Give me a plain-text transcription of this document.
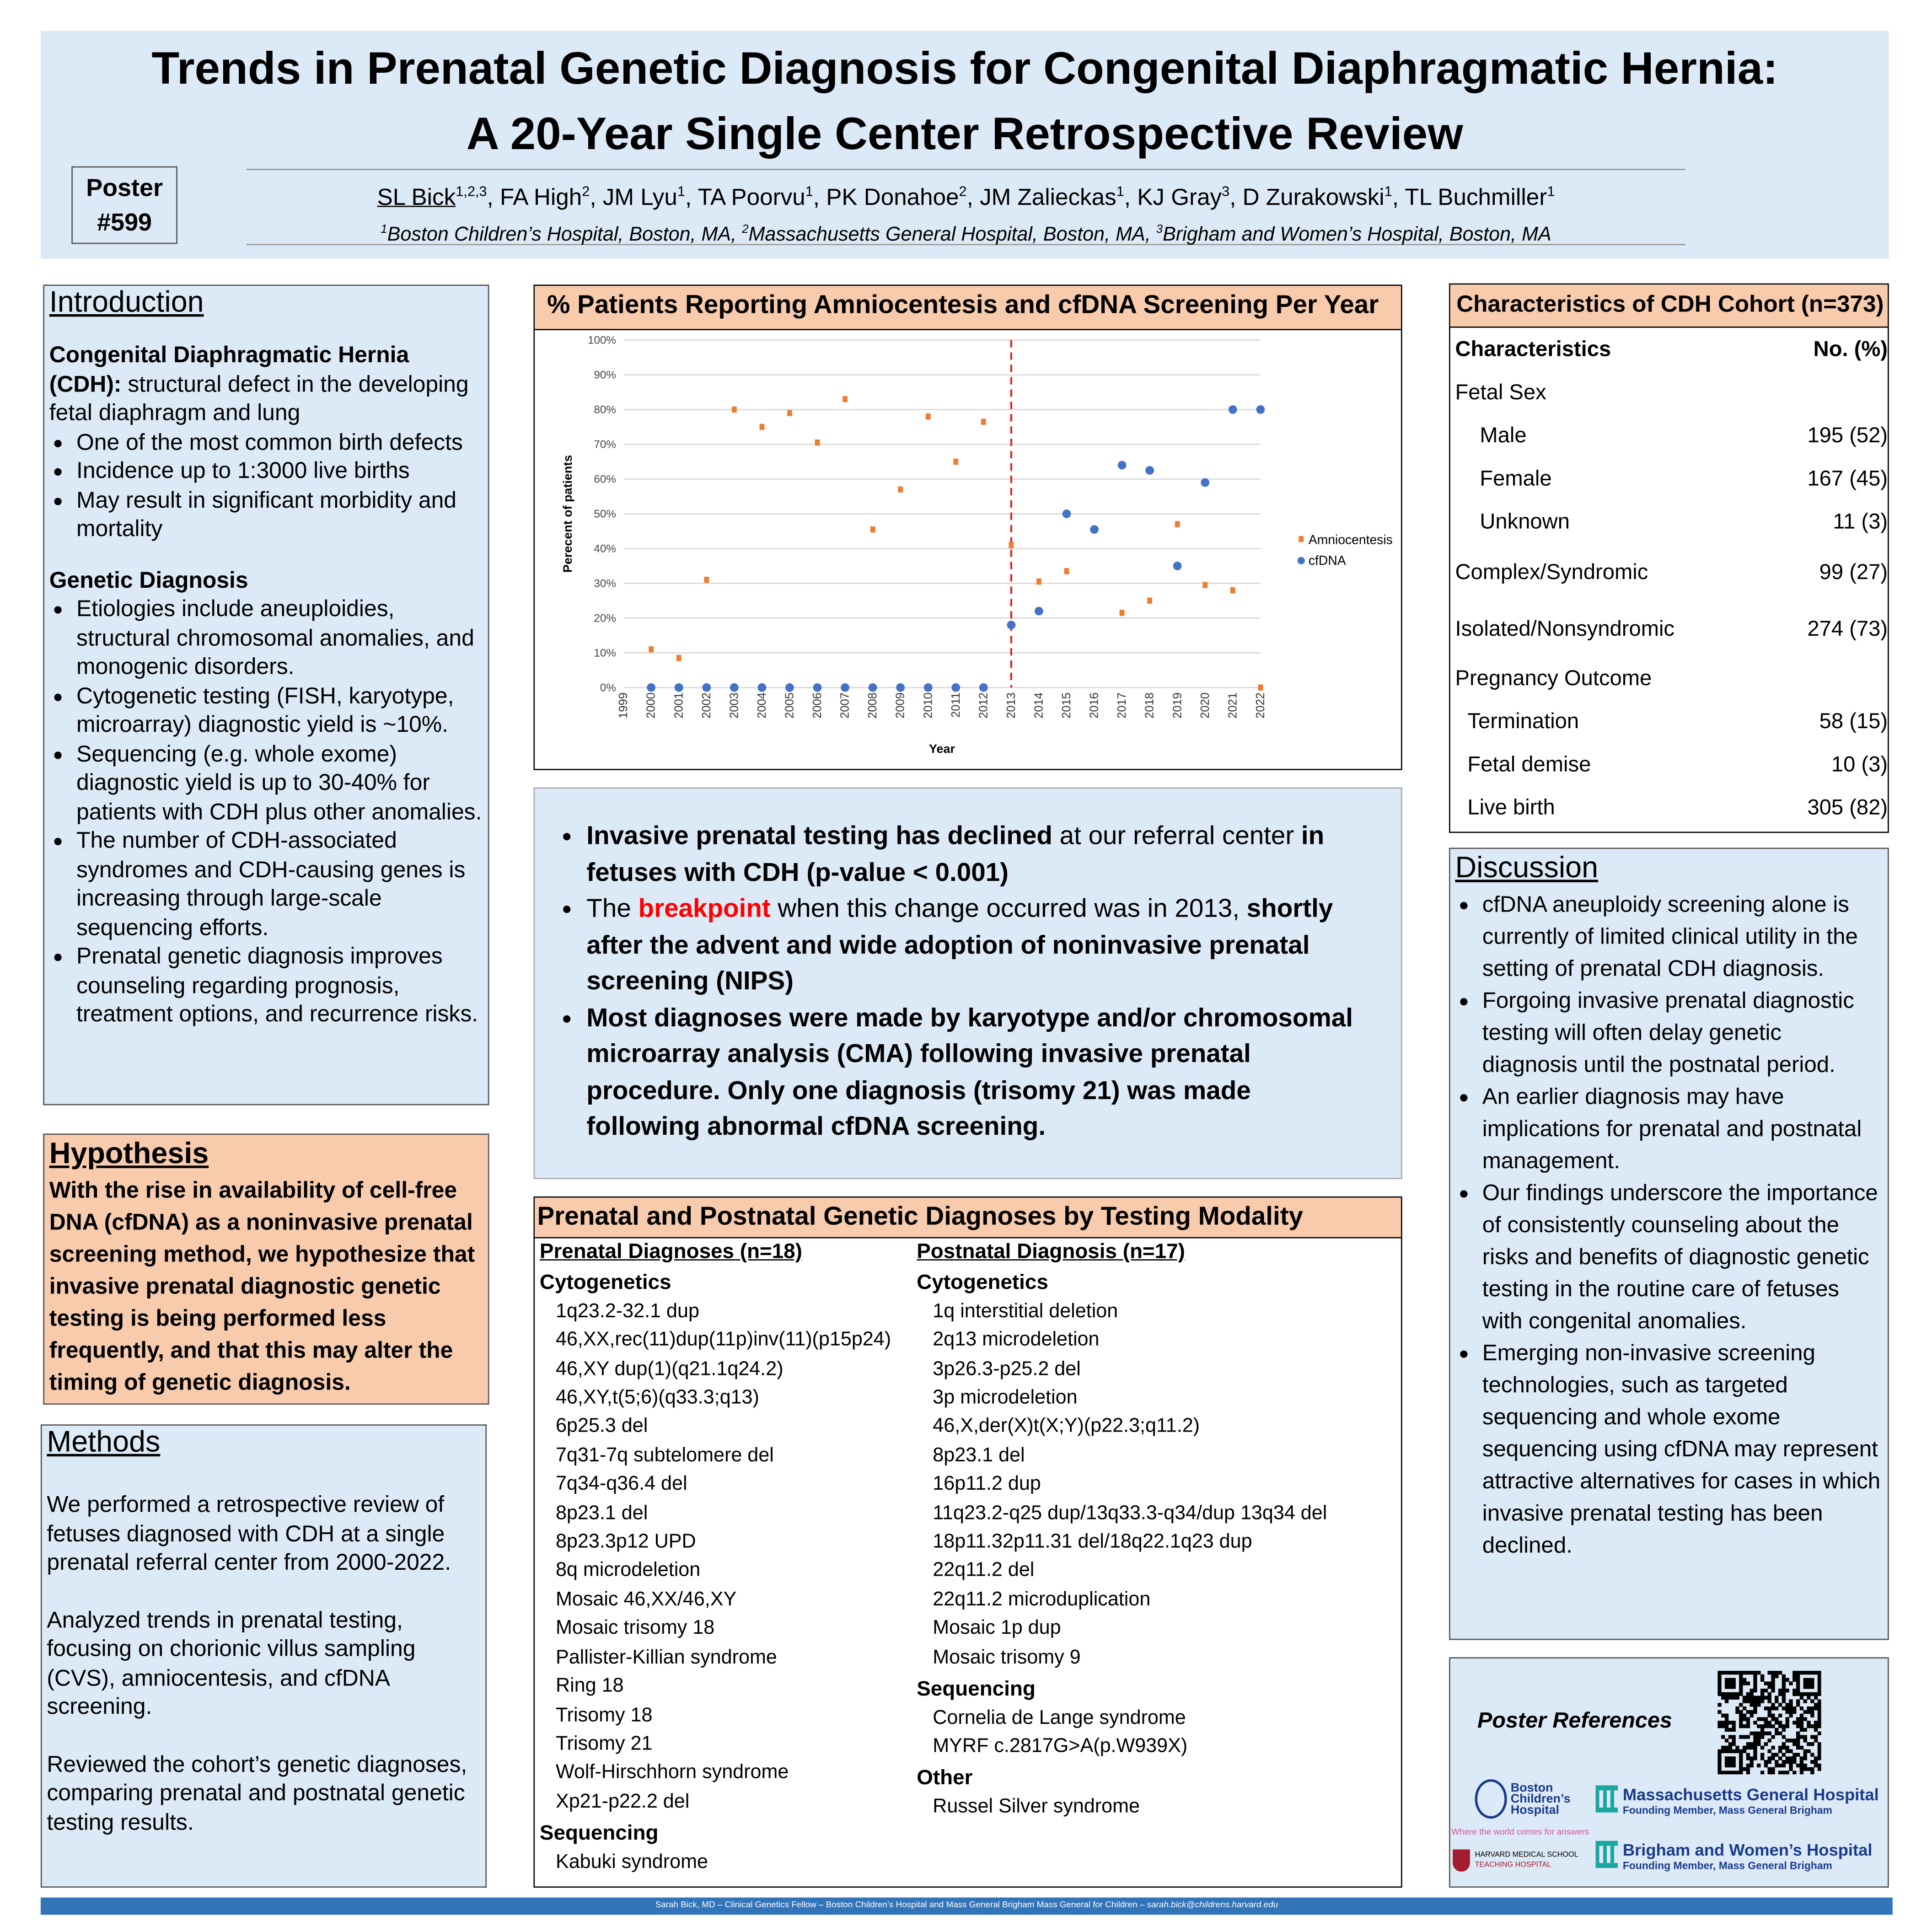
Trends in Prenatal Genetic Diagnosis for Congenital Diaphragmatic Hernia:
A 20-Year Single Center Retrospective Review
Poster
#599
SL Bick$^{1,2,3}$, FA High$^2$, JM Lyu$^1$, TA Poorvu$^1$, PK Donahoe$^2$, JM Zalieckas$^1$, KJ Gray$^3$, D Zurakowski$^1$, TL Buchmiller$^1$
$^1$Boston Children’s Hospital, Boston, MA, $^2$Massachusetts General Hospital, Boston, MA, $^3$Brigham and Women’s Hospital, Boston, MA
Introduction
Congenital Diaphragmatic Hernia (CDH): structural defect in the developing fetal diaphragm and lung
• One of the most common birth defects
• Incidence up to 1:3000 live births
• May result in significant morbidity and mortality
Genetic Diagnosis
• Etiologies include aneuploidies, structural chromosomal anomalies, and monogenic disorders.
• Cytogenetic testing (FISH, karyotype, microarray) diagnostic yield is ~10%.
• Sequencing (e.g. whole exome) diagnostic yield is up to 30-40% for patients with CDH plus other anomalies.
• The number of CDH-associated syndromes and CDH-causing genes is increasing through large-scale sequencing efforts.
• Prenatal genetic diagnosis improves counseling regarding prognosis, treatment options, and recurrence risks.
Hypothesis
With the rise in availability of cell-free DNA (cfDNA) as a noninvasive prenatal screening method, we hypothesize that invasive prenatal diagnostic genetic testing is being performed less frequently, and that this may alter the timing of genetic diagnosis.
Methods
We performed a retrospective review of fetuses diagnosed with CDH at a single prenatal referral center from 2000-2022.
Analyzed trends in prenatal testing, focusing on chorionic villus sampling (CVS), amniocentesis, and cfDNA screening.
Reviewed the cohort’s genetic diagnoses, comparing prenatal and postnatal genetic testing results.
% Patients Reporting Amniocentesis and cfDNA Screening Per Year
0%
10%
20%
30%
40%
50%
60%
70%
80%
90%
100%
1999	2000	2001	2002	2003	2004	2005	2006	2007	2008	2009	2010	2011	2012	2013	2014	2015	2016	2017	2018	2019	2020	2021	2022
Year
Perecent of patients	Amniocentesis
cfDNA
• Invasive prenatal testing has declined at our referral center in fetuses with CDH (p-value < 0.001)
• The breakpoint when this change occurred was in 2013, shortly after the advent and wide adoption of noninvasive prenatal screening (NIPS)
• Most diagnoses were made by karyotype and/or chromosomal microarray analysis (CMA) following invasive prenatal procedure. Only one diagnosis (trisomy 21) was made following abnormal cfDNA screening.
Prenatal and Postnatal Genetic Diagnoses by Testing Modality
Prenatal Diagnoses (n=18)
Cytogenetics
1q23.2-32.1 dup
46,XX,rec(11)dup(11p)inv(11)(p15p24)
46,XY dup(1)(q21.1q24.2)
46,XY,t(5;6)(q33.3;q13)
6p25.3 del
7q31-7q subtelomere del
7q34-q36.4 del
8p23.1 del
8p23.3p12 UPD
8q microdeletion
Mosaic 46,XX/46,XY
Mosaic trisomy 18
Pallister-Killian syndrome
Ring 18
Trisomy 18
Trisomy 21
Wolf-Hirschhorn syndrome
Xp21-p22.2 del
Sequencing
Kabuki syndrome
Postnatal Diagnosis (n=17)
Cytogenetics
1q interstitial deletion
2q13 microdeletion
3p26.3-p25.2 del
3p microdeletion
46,X,der(X)t(X;Y)(p22.3;q11.2)
8p23.1 del
16p11.2 dup
11q23.2-q25 dup/13q33.3-q34/dup 13q34 del
18p11.32p11.31 del/18q22.1q23 dup
22q11.2 del
22q11.2 microduplication
Mosaic 1p dup
Mosaic trisomy 9
Sequencing
Cornelia de Lange syndrome
MYRF c.2817G>A(p.W939X)
Other
Russel Silver syndrome
Characteristics of CDH Cohort (n=373)
Characteristics	No. (%)
Fetal Sex
Male	195 (52)
Female	167 (45)
Unknown	11 (3)
Complex/Syndromic	99 (27)
Isolated/Nonsyndromic	274 (73)
Pregnancy Outcome
Termination	58 (15)
Fetal demise	10 (3)
Live birth	305 (82)
Discussion
• cfDNA aneuploidy screening alone is currently of limited clinical utility in the setting of prenatal CDH diagnosis.
• Forgoing invasive prenatal diagnostic testing will often delay genetic diagnosis until the postnatal period.
• An earlier diagnosis may have implications for prenatal and postnatal management.
• Our findings underscore the importance of consistently counseling about the risks and benefits of diagnostic genetic testing in the routine care of fetuses with congenital anomalies.
• Emerging non-invasive screening technologies, such as targeted sequencing and whole exome sequencing using cfDNA may represent attractive alternatives for cases in which invasive prenatal testing has been declined.
Poster References
Boston
Children’s
Hospital
Where the world comes for answers
Massachusetts General Hospital
Founding Member, Mass General Brigham
HARVARD MEDICAL SCHOOL
TEACHING HOSPITAL
Brigham and Women’s Hospital
Founding Member, Mass General Brigham
Sarah Bick, MD – Clinical Genetics Fellow – Boston Children’s Hospital and Mass General Brigham Mass General for Children – sarah.bick@childrens.harvard.edu
